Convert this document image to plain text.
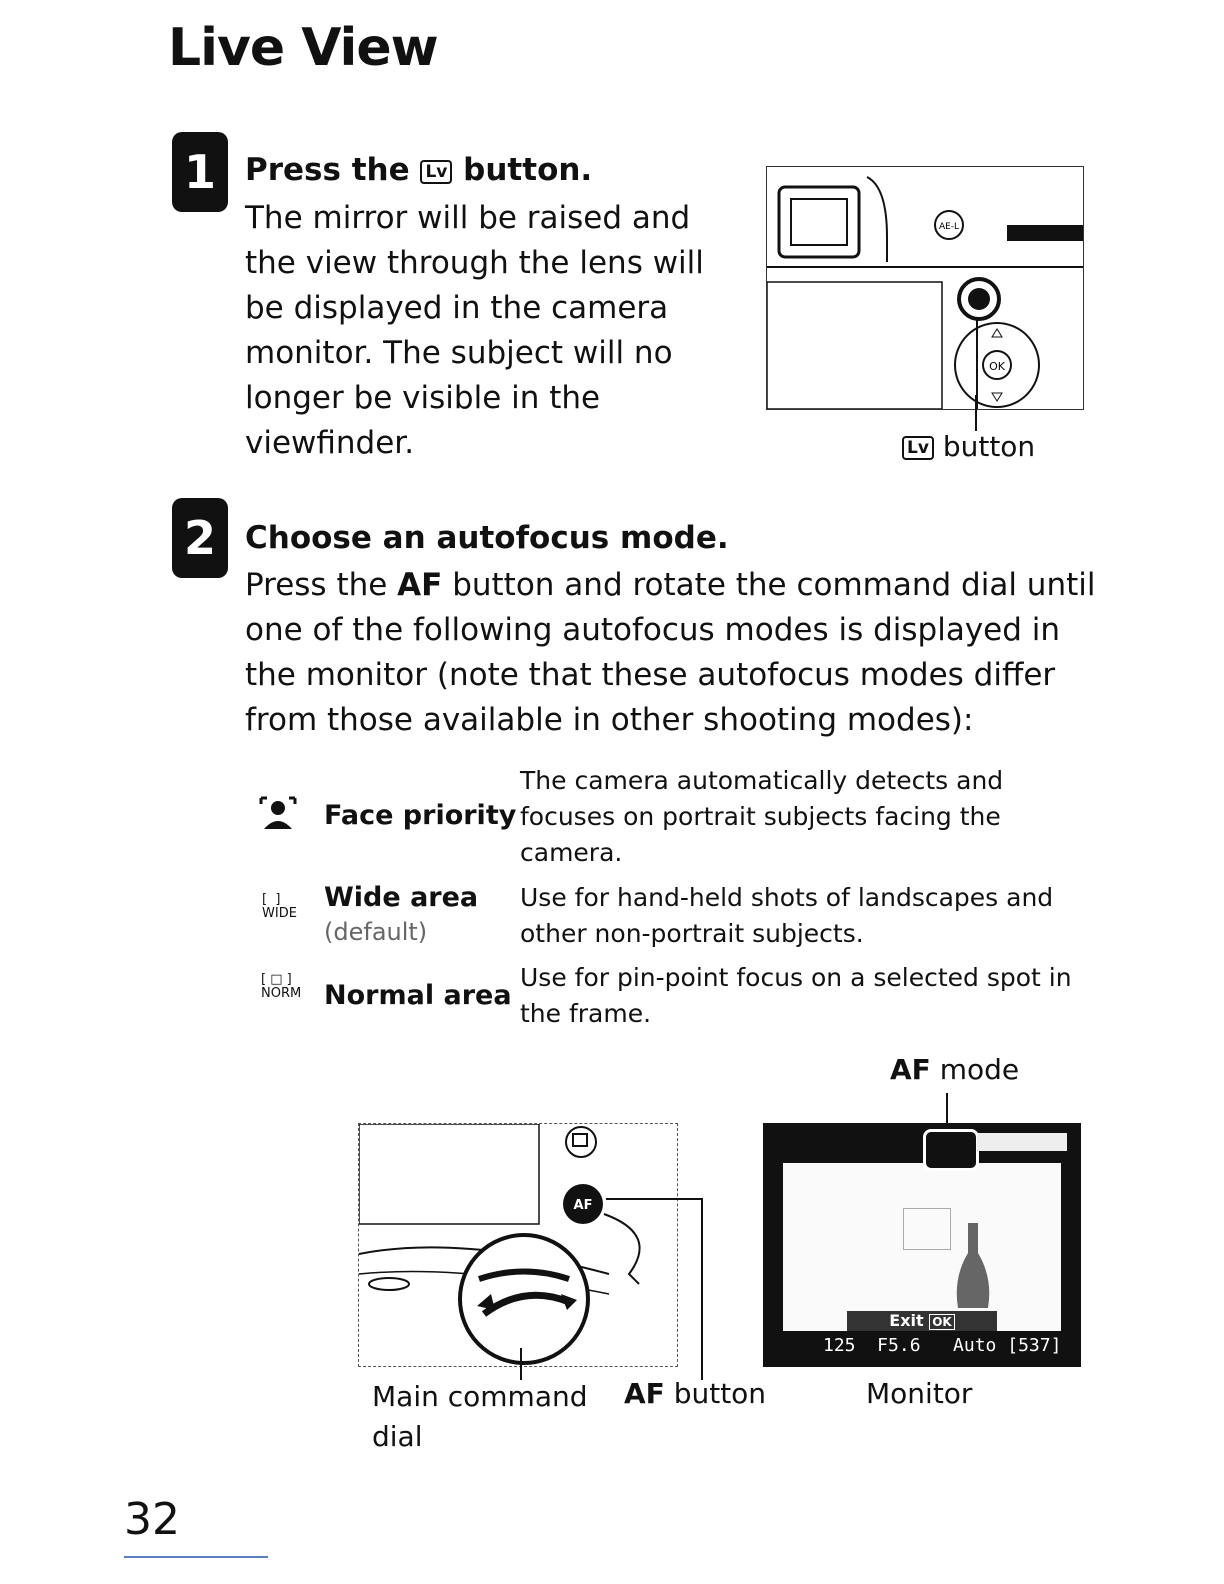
Live View
1 Press the Lv button.
The mirror will be raised and
the view through the lens will
be displayed in the camera
monitor. The subject will no
longer be visible in the
viewfinder.
AE-L
OK
Lv button
2 Choose an autofocus mode.
Press the AF button and rotate the command dial until
one of the following autofocus modes is displayed in
the monitor (note that these autofocus modes differ
from those available in other shooting modes):
Face priority
The camera automatically detects and
focuses on portrait subjects facing the
camera.
[  ]
WIDE
Wide area
(default)
Use for hand-held shots of landscapes and
other non-portrait subjects.
[ □ ]
NORM Normal area
Use for pin-point focus on a selected spot in
the frame.
AF mode
AF
Exit OK
125  F5.6   Auto [537]
Main command
dial
AF button	Monitor
32
